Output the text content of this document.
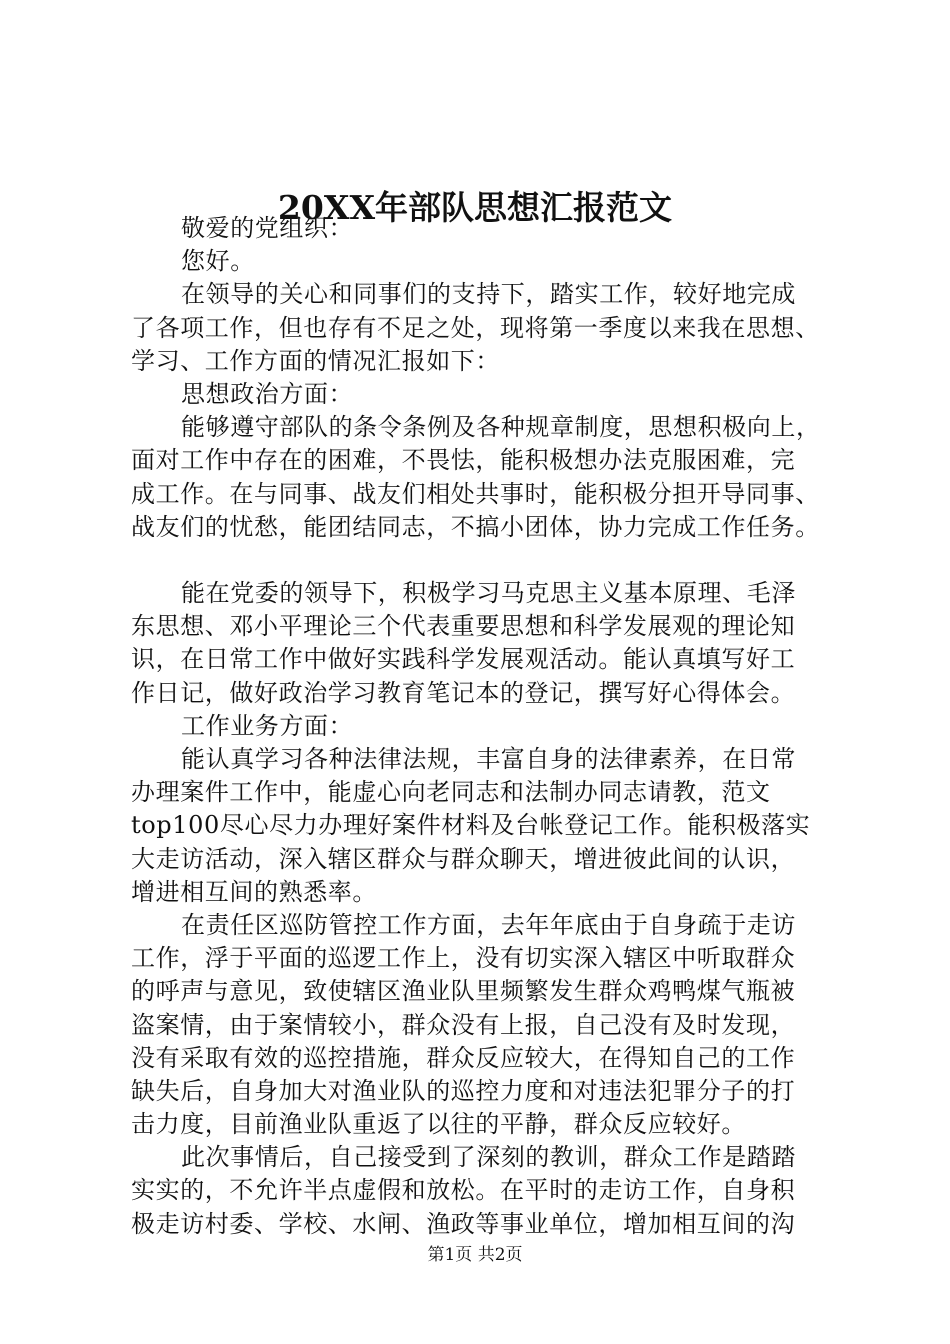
20XX年部队思想汇报范文
敬爱的党组织：
您好。
在领导的关心和同事们的支持下，踏实工作，较好地完成
了各项工作，但也存有不足之处，现将第一季度以来我在思想、
学习、工作方面的情况汇报如下：
思想政治方面：
能够遵守部队的条令条例及各种规章制度，思想积极向上，
面对工作中存在的困难，不畏怯，能积极想办法克服困难，完
成工作。在与同事、战友们相处共事时，能积极分担开导同事、
战友们的忧愁，能团结同志，不搞小团体，协力完成工作任务。
能在党委的领导下，积极学习马克思主义基本原理、毛泽
东思想、邓小平理论三个代表重要思想和科学发展观的理论知
识，在日常工作中做好实践科学发展观活动。能认真填写好工
作日记，做好政治学习教育笔记本的登记，撰写好心得体会。
工作业务方面：
能认真学习各种法律法规，丰富自身的法律素养，在日常
办理案件工作中，能虚心向老同志和法制办同志请教，范文
top100尽心尽力办理好案件材料及台帐登记工作。能积极落实
大走访活动，深入辖区群众与群众聊天，增进彼此间的认识，
增进相互间的熟悉率。
在责任区巡防管控工作方面，去年年底由于自身疏于走访
工作，浮于平面的巡逻工作上，没有切实深入辖区中听取群众
的呼声与意见，致使辖区渔业队里频繁发生群众鸡鸭煤气瓶被
盗案情，由于案情较小，群众没有上报，自己没有及时发现，
没有采取有效的巡控措施，群众反应较大，在得知自己的工作
缺失后，自身加大对渔业队的巡控力度和对违法犯罪分子的打
击力度，目前渔业队重返了以往的平静，群众反应较好。
此次事情后，自己接受到了深刻的教训，群众工作是踏踏
实实的，不允许半点虚假和放松。在平时的走访工作，自身积
极走访村委、学校、水闸、渔政等事业单位，增加相互间的沟
第1页 共2页
